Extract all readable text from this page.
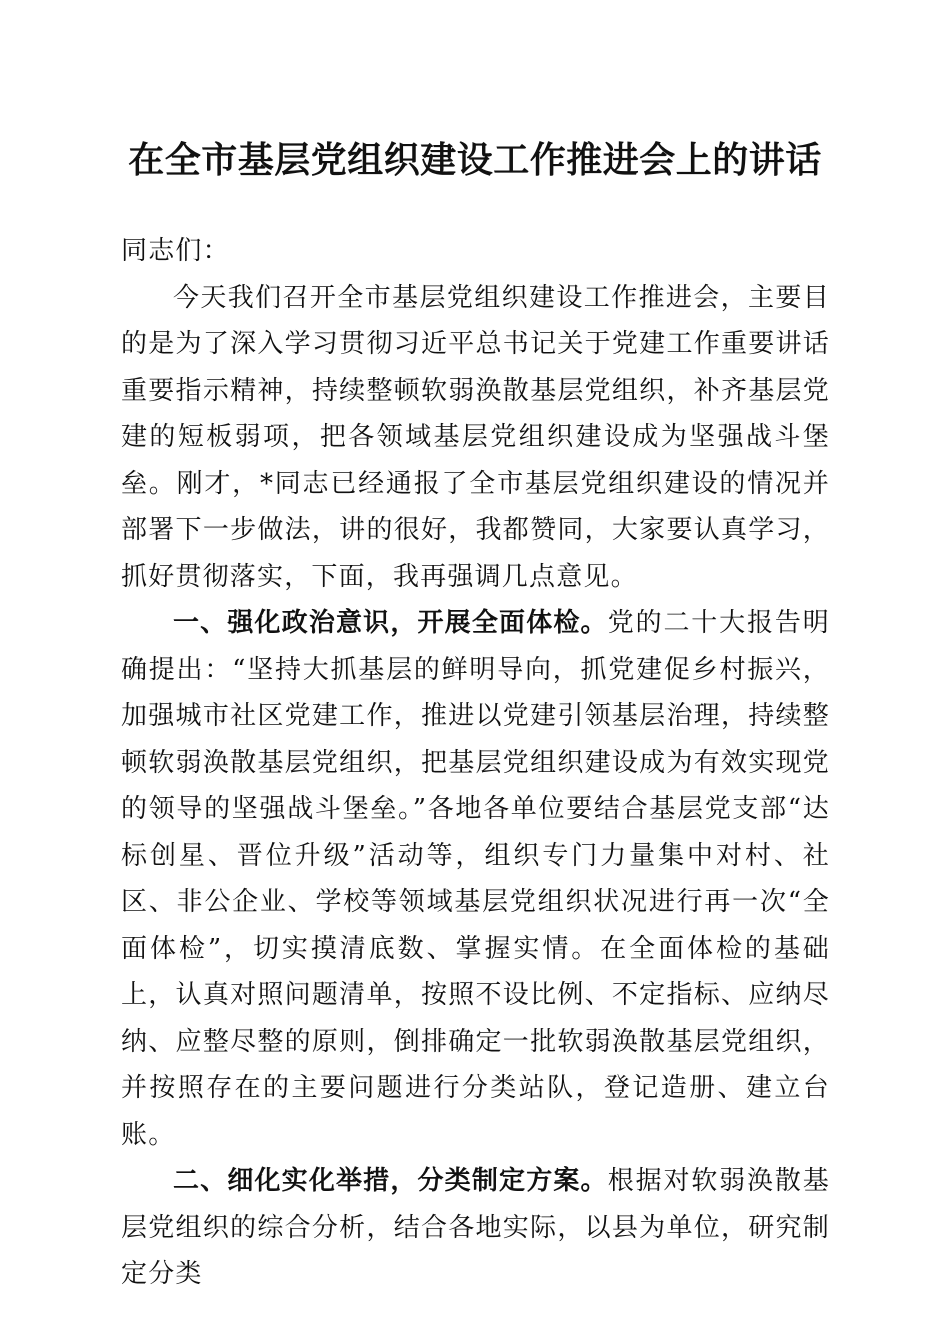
在全市基层党组织建设工作推进会上的讲话

同志们：

今天我们召开全市基层党组织建设工作推进会，主要目的是为了深入学习贯彻习近平总书记关于党建工作重要讲话重要指示精神，持续整顿软弱涣散基层党组织，补齐基层党建的短板弱项，把各领域基层党组织建设成为坚强战斗堡垒。刚才，*同志已经通报了全市基层党组织建设的情况并部署下一步做法，讲的很好，我都赞同，大家要认真学习，抓好贯彻落实，下面，我再强调几点意见。

一、强化政治意识，开展全面体检。党的二十大报告明确提出：“坚持大抓基层的鲜明导向，抓党建促乡村振兴，加强城市社区党建工作，推进以党建引领基层治理，持续整顿软弱涣散基层党组织，把基层党组织建设成为有效实现党的领导的坚强战斗堡垒。”各地各单位要结合基层党支部“达标创星、晋位升级”活动等，组织专门力量集中对村、社区、非公企业、学校等领域基层党组织状况进行再一次“全面体检”，切实摸清底数、掌握实情。在全面体检的基础上，认真对照问题清单，按照不设比例、不定指标、应纳尽纳、应整尽整的原则，倒排确定一批软弱涣散基层党组织，并按照存在的主要问题进行分类站队，登记造册、建立台账。

二、细化实化举措，分类制定方案。根据对软弱涣散基层党组织的综合分析，结合各地实际，以县为单位，研究制定分类
